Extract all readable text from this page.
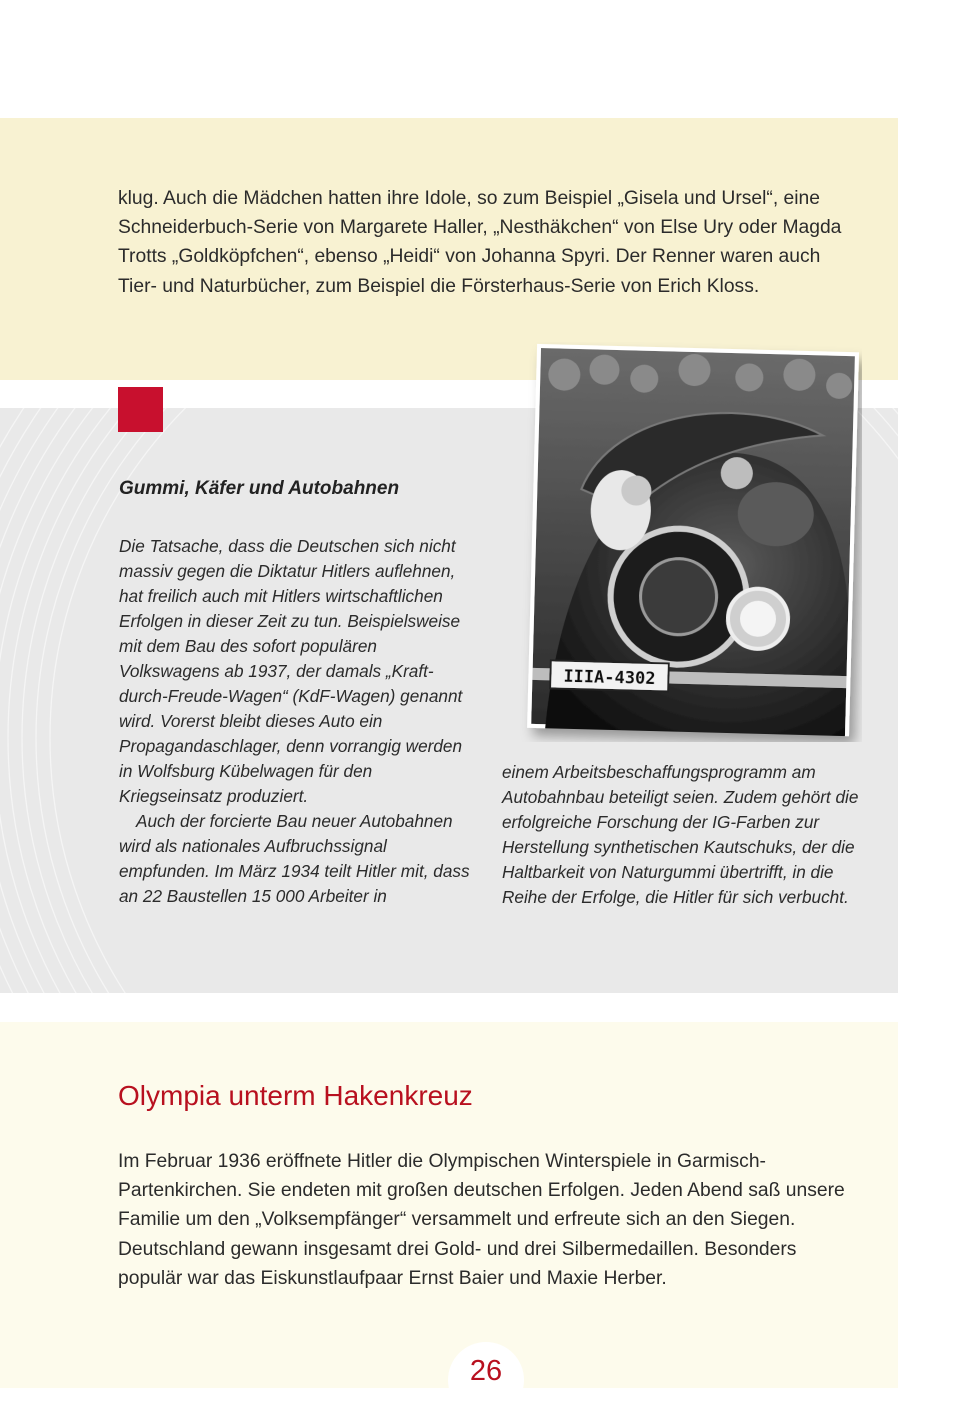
klug. Auch die Mädchen hatten ihre Idole, so zum Beispiel „Gisela und Ursel“, eine Schneiderbuch-Serie von Margarete Haller, „Nesthäkchen“ von Else Ury oder Magda Trotts „Goldköpfchen“, ebenso „Heidi“ von Johanna Spyri. Der Renner waren auch Tier- und Naturbücher, zum Beispiel die Försterhaus-Serie von Erich Kloss.

Gummi, Käfer und Autobahnen

Die Tatsache, dass die Deutschen sich nicht massiv gegen die Diktatur Hitlers auflehnen, hat freilich auch mit Hitlers wirtschaftlichen Erfolgen in dieser Zeit zu tun. Beispielsweise mit dem Bau des sofort populären Volkswagens ab 1937, der damals „Kraft-durch-Freude-Wagen“ (KdF-Wagen) genannt wird. Vorerst bleibt dieses Auto ein Propagandaschlager, denn vorrangig werden in Wolfsburg Kübelwagen für den Kriegseinsatz produziert.

Auch der forcierte Bau neuer Autobahnen wird als nationales Aufbruchssignal empfunden. Im März 1934 teilt Hitler mit, dass an 22 Baustellen 15 000 Arbeiter in

einem Arbeitsbeschaffungsprogramm am Autobahnbau beteiligt seien. Zudem gehört die erfolgreiche Forschung der IG-Farben zur Herstellung synthetischen Kautschuks, der die Haltbarkeit von Naturgummi übertrifft, in die Reihe der Erfolge, die Hitler für sich verbucht.

IIIA-4302
Olympia unterm Hakenkreuz

Im Februar 1936 eröffnete Hitler die Olympischen Winterspiele in Garmisch-Partenkirchen. Sie endeten mit großen deutschen Erfolgen. Jeden Abend saß unsere Familie um den „Volksempfänger“ versammelt und erfreute sich an den Siegen. Deutschland gewann insgesamt drei Gold- und drei Silbermedaillen. Besonders populär war das Eiskunstlaufpaar Ernst Baier und Maxie Herber.

26
